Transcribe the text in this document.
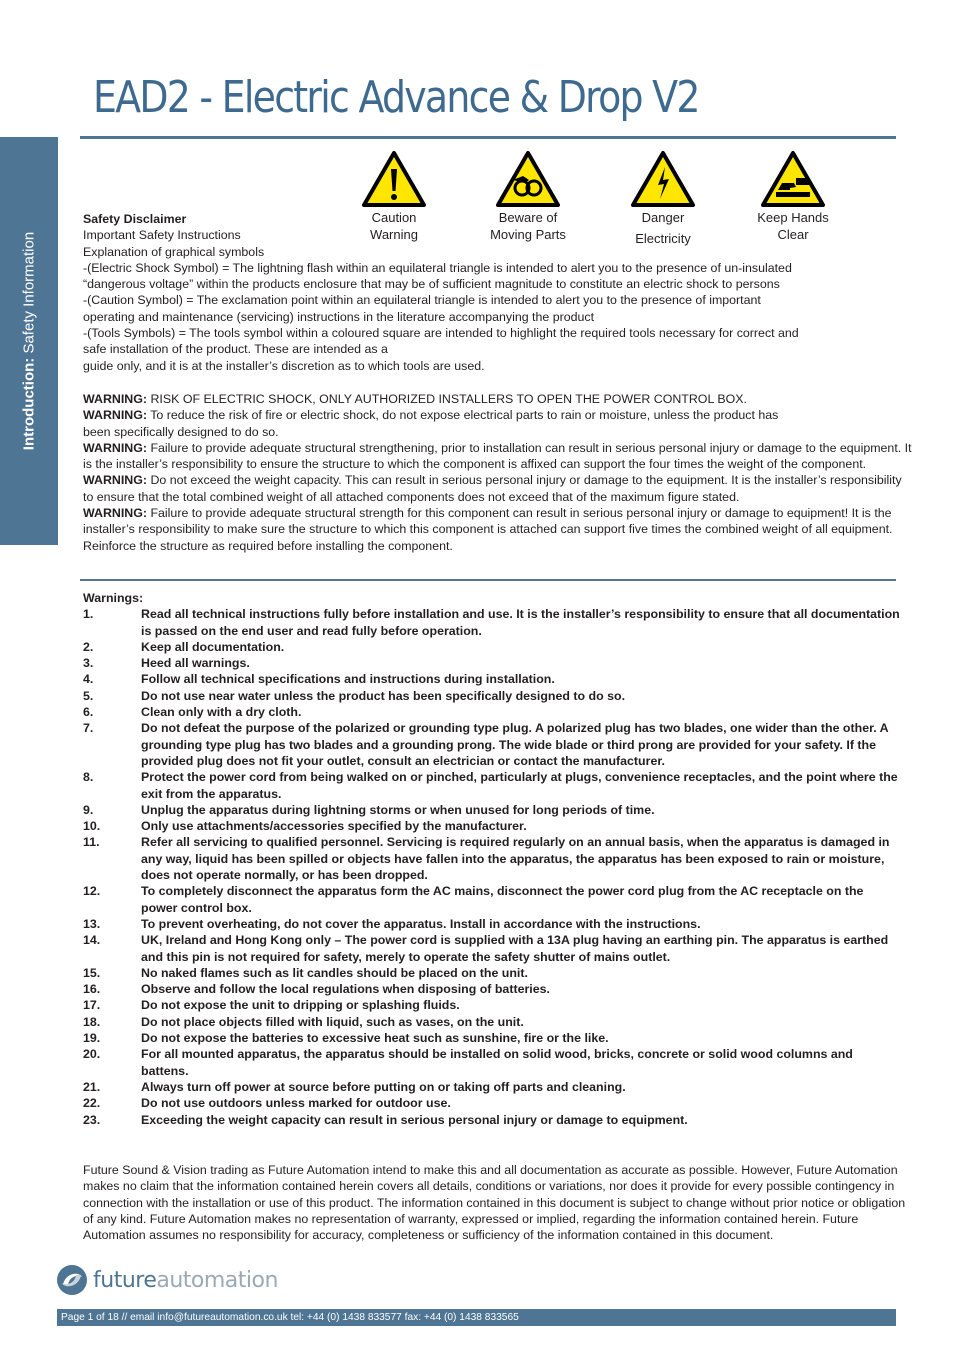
EAD2 - Electric Advance & Drop V2
Introduction: Safety Information
Caution
Warning
Beware of
Moving Parts
Danger
Electricity
Keep Hands
Clear

Safety Disclaimer

Important Safety Instructions

Explanation of graphical symbols

-(Electric Shock Symbol) = The lightning flash within an equilateral triangle is intended to alert you to the presence of un-insulated

“dangerous voltage” within the products enclosure that may be of sufficient magnitude to constitute an electric shock to persons

-(Caution Symbol) = The exclamation point within an equilateral triangle is intended to alert you to the presence of important

operating and maintenance (servicing) instructions in the literature accompanying the product

-(Tools Symbols) = The tools symbol within a coloured square are intended to highlight the required tools necessary for correct and

safe installation of the product. These are intended as a

guide only, and it is at the installer’s discretion as to which tools are used.

WARNING: RISK OF ELECTRIC SHOCK, ONLY AUTHORIZED INSTALLERS TO OPEN THE POWER CONTROL BOX.

WARNING: To reduce the risk of fire or electric shock, do not expose electrical parts to rain or moisture, unless the product has been specifically designed to do so.

WARNING: Failure to provide adequate structural strengthening, prior to installation can result in serious personal injury or damage to the equipment. It is the installer’s responsibility to ensure the structure to which the component is affixed can support the four times the weight of the component.

WARNING: Do not exceed the weight capacity. This can result in serious personal injury or damage to the equipment. It is the installer’s responsibility to ensure that the total combined weight of all attached components does not exceed that of the maximum figure stated.

WARNING: Failure to provide adequate structural strength for this component can result in serious personal injury or damage to equipment! It is the installer’s responsibility to make sure the structure to which this component is attached can support five times the combined weight of all equipment. Reinforce the structure as required before installing the component.

Warnings:
1.	Read all technical instructions fully before installation and use. It is the installer’s responsibility to ensure that all documentation is passed on the end user and read fully before operation.
2.	Keep all documentation.
3.	Heed all warnings.
4.	Follow all technical specifications and instructions during installation.
5.	Do not use near water unless the product has been specifically designed to do so.
6.	Clean only with a dry cloth.
7.	Do not defeat the purpose of the polarized or grounding type plug. A polarized plug has two blades, one wider than the other. A grounding type plug has two blades and a grounding prong. The wide blade or third prong are provided for your safety. If the provided plug does not fit your outlet, consult an electrician or contact the manufacturer.
8.	Protect the power cord from being walked on or pinched, particularly at plugs, convenience receptacles, and the point where the exit from the apparatus.
9.	Unplug the apparatus during lightning storms or when unused for long periods of time.
10.	Only use attachments/accessories specified by the manufacturer.
11.	Refer all servicing to qualified personnel. Servicing is required regularly on an annual basis, when the apparatus is damaged in any way, liquid has been spilled or objects have fallen into the apparatus, the apparatus has been exposed to rain or moisture, does not operate normally, or has been dropped.
12.	To completely disconnect the apparatus form the AC mains, disconnect the power cord plug from the AC receptacle on the power control box.
13.	To prevent overheating, do not cover the apparatus. Install in accordance with the instructions.
14.	UK, Ireland and Hong Kong only – The power cord is supplied with a 13A plug having an earthing pin. The apparatus is earthed and this pin is not required for safety, merely to operate the safety shutter of mains outlet.
15.	No naked flames such as lit candles should be placed on the unit.
16.	Observe and follow the local regulations when disposing of batteries.
17.	Do not expose the unit to dripping or splashing fluids.
18.	Do not place objects filled with liquid, such as vases, on the unit.
19.	Do not expose the batteries to excessive heat such as sunshine, fire or the like.
20.	For all mounted apparatus, the apparatus should be installed on solid wood, bricks, concrete or solid wood columns and battens.
21.	Always turn off power at source before putting on or taking off parts and cleaning.
22.	Do not use outdoors unless marked for outdoor use.
23.	Exceeding the weight capacity can result in serious personal injury or damage to equipment.
Future Sound & Vision trading as Future Automation intend to make this and all documentation as accurate as possible. However, Future Automation makes no claim that the information contained herein covers all details, conditions or variations, nor does it provide for every possible contingency in connection with the installation or use of this product. The information contained in this document is subject to change without prior notice or obligation of any kind. Future Automation makes no representation of warranty, expressed or implied, regarding the information contained herein. Future Automation assumes no responsibility for accuracy, completeness or sufficiency of the information contained in this document.
futureautomation
Page 1 of 18 // email info@futureautomation.co.uk tel: +44 (0) 1438 833577 fax: +44 (0) 1438 833565
